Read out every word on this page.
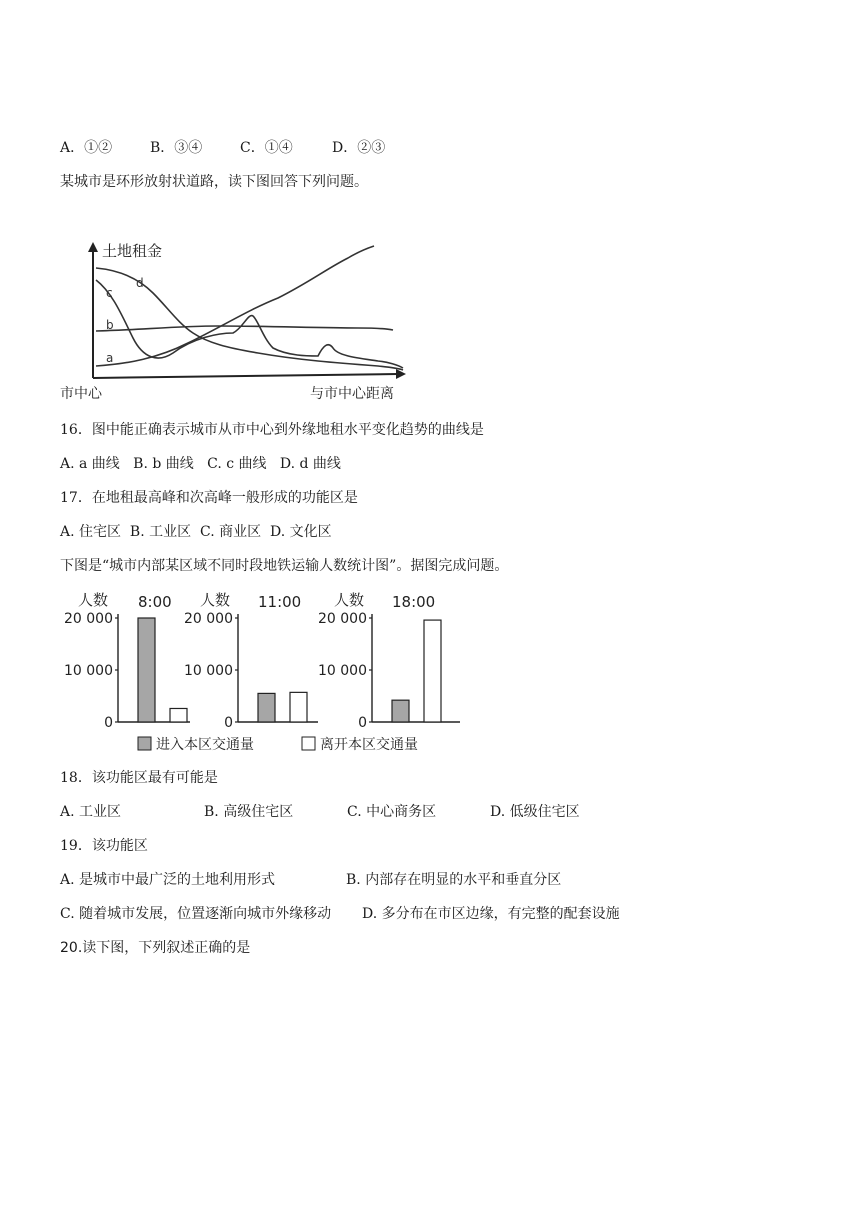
A．①②	B．③④	C．①④	D．②③
某城市是环形放射状道路，读下图回答下列问题。
a
b
c
d
土地租金
市中心	与市中心距离
16．图中能正确表示城市从市中心到外缘地租水平变化趋势的曲线是
A. a 曲线   B. b 曲线   C. c 曲线   D. d 曲线
17．在地租最高峰和次高峰一般形成的功能区是
A. 住宅区  B. 工业区  C. 商业区  D. 文化区
下图是“城市内部某区域不同时段地铁运输人数统计图”。据图完成问题。
20 000
10 000
0
人数 8:00
20 000
10 000
0
人数 11:00
20 000
10 000
0
人数 18:00
进入本区交通量	离开本区交通量
A. 工业区	B. 高级住宅区	C. 中心商务区	D. 低级住宅区
18．该功能区最有可能是
19．该功能区
A. 是城市中最广泛的土地利用形式	B. 内部存在明显的水平和垂直分区
C. 随着城市发展，位置逐渐向城市外缘移动 D. 多分布在市区边缘，有完整的配套设施
20.读下图，下列叙述正确的是
